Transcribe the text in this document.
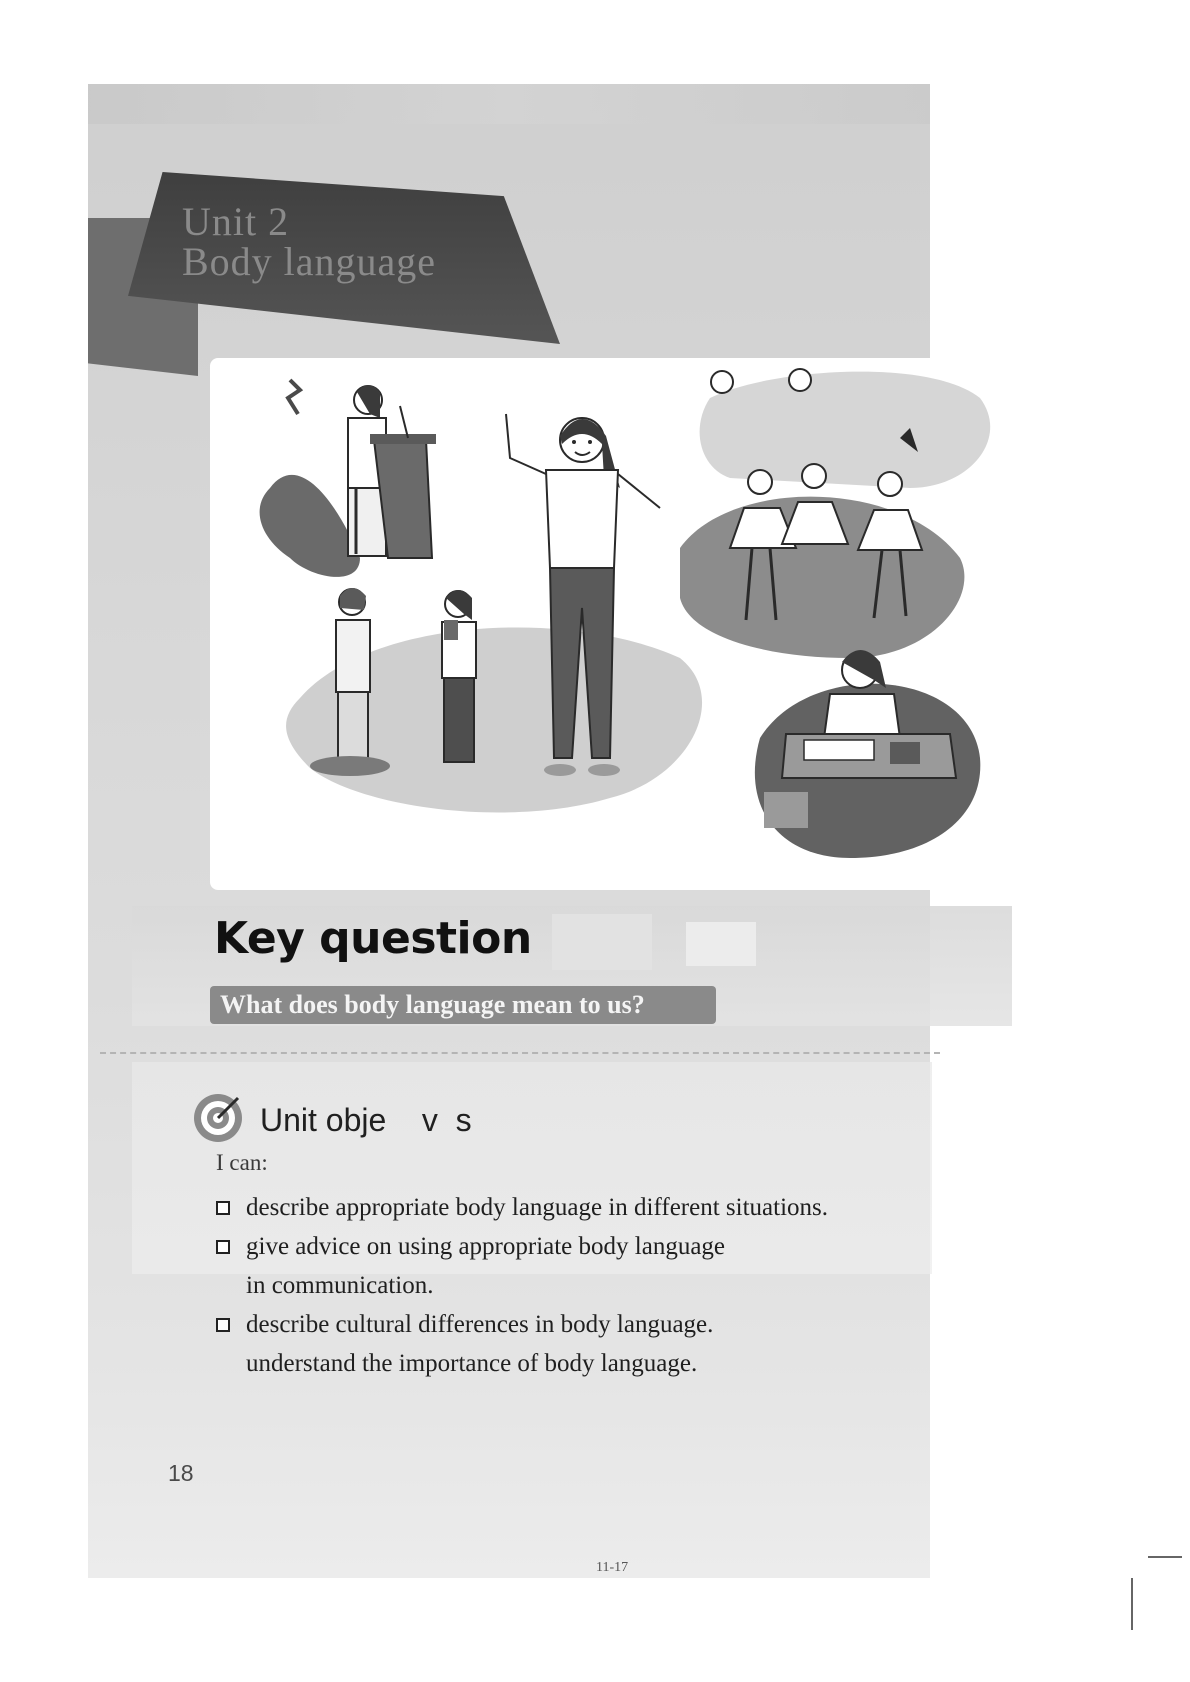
Unit 2
Body language
Key question
What does body language mean to us?
Unit obje    v  s
I can:
describe appropriate body language in different situations.
give advice on using appropriate body language
in communication.
describe cultural differences in body language.
understand the importance of body language.
18
11-17
